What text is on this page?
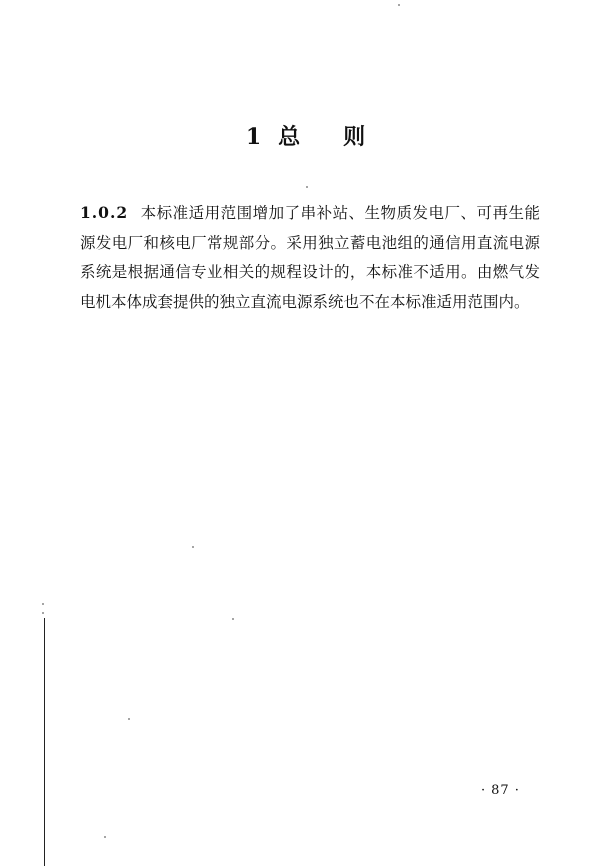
1 总 则
1.0.2 本标准适用范围增加了串补站、生物质发电厂、可再生能源发电厂和核电厂常规部分。采用独立蓄电池组的通信用直流电源系统是根据通信专业相关的规程设计的，本标准不适用。由燃气发电机本体成套提供的独立直流电源系统也不在本标准适用范围内。
· 87 ·
